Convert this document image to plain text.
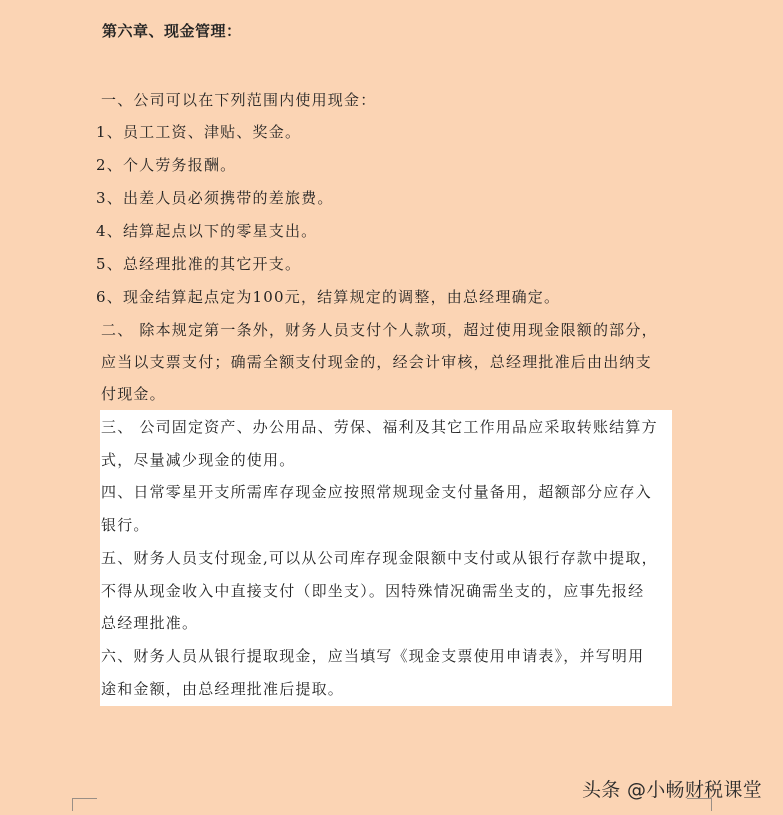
第六章、现金管理：
一、公司可以在下列范围内使用现金：
1、员工工资、津贴、奖金。
2、个人劳务报酬。
3、出差人员必须携带的差旅费。
4、结算起点以下的零星支出。
5、总经理批准的其它开支。
6、现金结算起点定为100元，结算规定的调整，由总经理确定。
二、 除本规定第一条外，财务人员支付个人款项，超过使用现金限额的部分，
应当以支票支付；确需全额支付现金的，经会计审核，总经理批准后由出纳支
付现金。
三、 公司固定资产、办公用品、劳保、福利及其它工作用品应采取转账结算方
式，尽量减少现金的使用。
四、日常零星开支所需库存现金应按照常规现金支付量备用，超额部分应存入
银行。
五、财务人员支付现金,可以从公司库存现金限额中支付或从银行存款中提取，
不得从现金收入中直接支付（即坐支）。因特殊情况确需坐支的，应事先报经
总经理批准。
六、财务人员从银行提取现金，应当填写《现金支票使用申请表》，并写明用
途和金额，由总经理批准后提取。
头条 @小畅财税课堂
